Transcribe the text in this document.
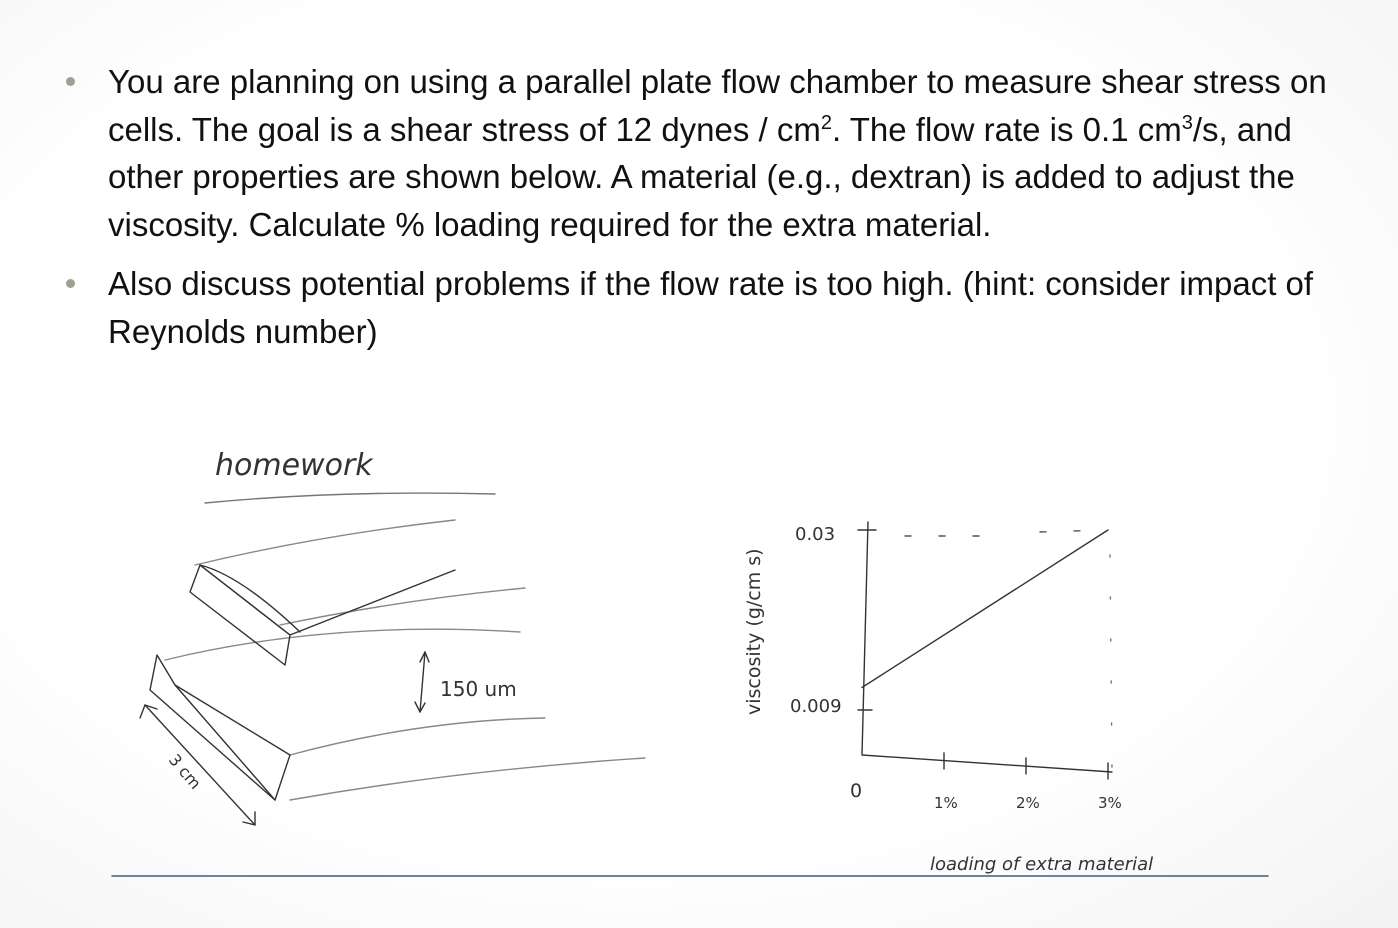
You are planning on using a parallel plate flow chamber to measure shear stress on cells. The goal is a shear stress of 12 dynes / $cm^2$. The flow rate is 0.1 $cm^3/s$, and other properties are shown below. A material (e.g., dextran) is added to adjust the viscosity. Calculate % loading required for the extra material.
Also discuss potential problems if the flow rate is too high. (hint: consider impact of Reynolds number)
homework
3 cm
150 um	viscosity (g/cm s)
0.03
0.009
0
1%	2%	3%
loading of extra material
